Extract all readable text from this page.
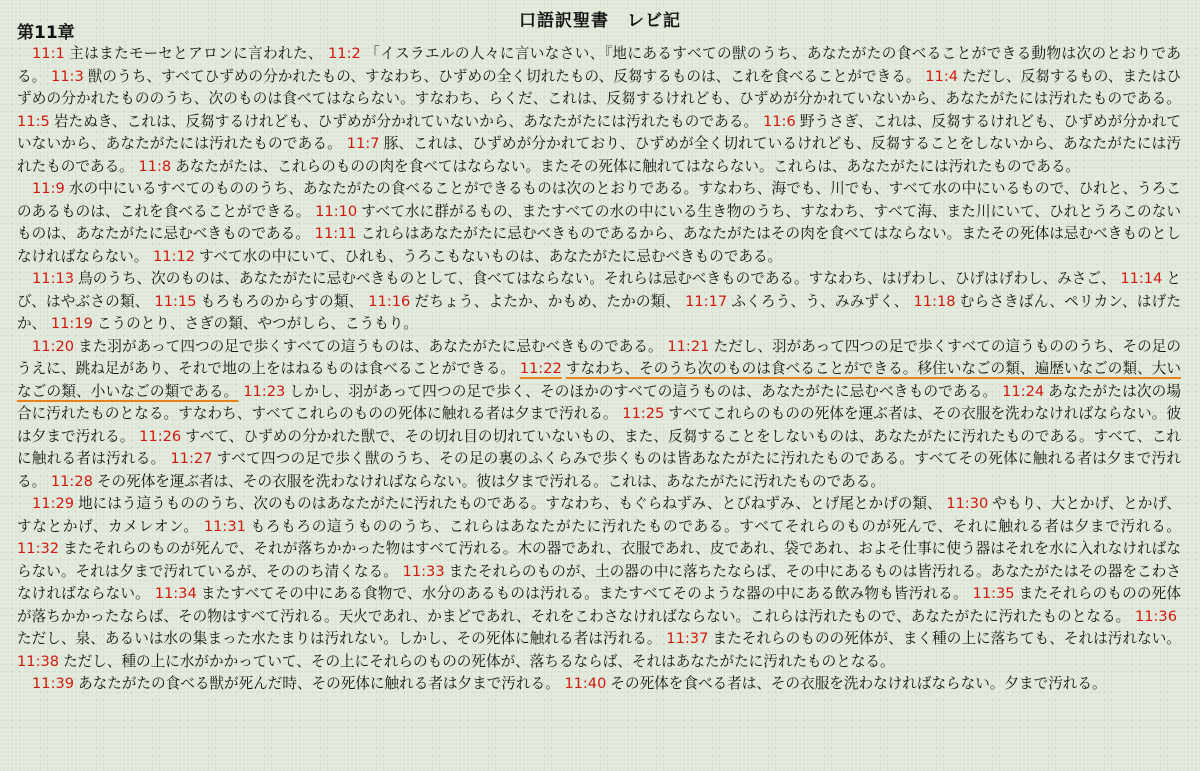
口語訳聖書　レビ記
第11章

11:1 主はまたモーセとアロンに言われた、 11:2 「イスラエルの人々に言いなさい、『地にあるすべての獣のうち、あなたがたの食べることができる動物は次のとおりである。 11:3 獣のうち、すべてひずめの分かれたもの、すなわち、ひずめの全く切れたもの、反芻するものは、これを食べることができる。 11:4 ただし、反芻するもの、またはひずめの分かれたもののうち、次のものは食べてはならない。すなわち、らくだ、これは、反芻するけれども、ひずめが分かれていないから、あなたがたには汚れたものである。 11:5 岩たぬき、これは、反芻するけれども、ひずめが分かれていないから、あなたがたには汚れたものである。 11:6 野うさぎ、これは、反芻するけれども、ひずめが分かれていないから、あなたがたには汚れたものである。 11:7 豚、これは、ひずめが分かれており、ひずめが全く切れているけれども、反芻することをしないから、あなたがたには汚れたものである。 11:8 あなたがたは、これらのものの肉を食べてはならない。またその死体に触れてはならない。これらは、あなたがたには汚れたものである。

11:9 水の中にいるすべてのもののうち、あなたがたの食べることができるものは次のとおりである。すなわち、海でも、川でも、すべて水の中にいるもので、ひれと、うろこのあるものは、これを食べることができる。 11:10 すべて水に群がるもの、またすべての水の中にいる生き物のうち、すなわち、すべて海、また川にいて、ひれとうろこのないものは、あなたがたに忌むべきものである。 11:11 これらはあなたがたに忌むべきものであるから、あなたがたはその肉を食べてはならない。またその死体は忌むべきものとしなければならない。 11:12 すべて水の中にいて、ひれも、うろこもないものは、あなたがたに忌むべきものである。

11:13 鳥のうち、次のものは、あなたがたに忌むべきものとして、食べてはならない。それらは忌むべきものである。すなわち、はげわし、ひげはげわし、みさご、 11:14 とび、はやぶさの類、 11:15 もろもろのからすの類、 11:16 だちょう、よたか、かもめ、たかの類、 11:17 ふくろう、う、みみずく、 11:18 むらさきばん、ペリカン、はげたか、 11:19 こうのとり、さぎの類、やつがしら、こうもり。

11:20 また羽があって四つの足で歩くすべての這うものは、あなたがたに忌むべきものである。 11:21 ただし、羽があって四つの足で歩くすべての這うもののうち、その足のうえに、跳ね足があり、それで地の上をはねるものは食べることができる。 11:22 すなわち、そのうち次のものは食べることができる。移住いなごの類、遍歴いなごの類、大いなごの類、小いなごの類である。 11:23 しかし、羽があって四つの足で歩く、そのほかのすべての這うものは、あなたがたに忌むべきものである。 11:24 あなたがたは次の場合に汚れたものとなる。すなわち、すべてこれらのものの死体に触れる者は夕まで汚れる。 11:25 すべてこれらのものの死体を運ぶ者は、その衣服を洗わなければならない。彼は夕まで汚れる。 11:26 すべて、ひずめの分かれた獣で、その切れ目の切れていないもの、また、反芻することをしないものは、あなたがたに汚れたものである。すべて、これに触れる者は汚れる。 11:27 すべて四つの足で歩く獣のうち、その足の裏のふくらみで歩くものは皆あなたがたに汚れたものである。すべてその死体に触れる者は夕まで汚れる。 11:28 その死体を運ぶ者は、その衣服を洗わなければならない。彼は夕まで汚れる。これは、あなたがたに汚れたものである。

11:29 地にはう這うもののうち、次のものはあなたがたに汚れたものである。すなわち、もぐらねずみ、とびねずみ、とげ尾とかげの類、 11:30 やもり、大とかげ、とかげ、すなとかげ、カメレオン。 11:31 もろもろの這うもののうち、これらはあなたがたに汚れたものである。すべてそれらのものが死んで、それに触れる者は夕まで汚れる。 11:32 またそれらのものが死んで、それが落ちかかった物はすべて汚れる。木の器であれ、衣服であれ、皮であれ、袋であれ、およそ仕事に使う器はそれを水に入れなければならない。それは夕まで汚れているが、そののち清くなる。 11:33 またそれらのものが、土の器の中に落ちたならば、その中にあるものは皆汚れる。あなたがたはその器をこわさなければならない。 11:34 またすべてその中にある食物で、水分のあるものは汚れる。またすべてそのような器の中にある飲み物も皆汚れる。 11:35 またそれらのものの死体が落ちかかったならば、その物はすべて汚れる。天火であれ、かまどであれ、それをこわさなければならない。これらは汚れたもので、あなたがたに汚れたものとなる。 11:36ただし、泉、あるいは水の集まった水たまりは汚れない。しかし、その死体に触れる者は汚れる。 11:37 またそれらのものの死体が、まく種の上に落ちても、それは汚れない。 11:38 ただし、種の上に水がかかっていて、その上にそれらのものの死体が、落ちるならば、それはあなたがたに汚れたものとなる。

11:39 あなたがたの食べる獣が死んだ時、その死体に触れる者は夕まで汚れる。 11:40 その死体を食べる者は、その衣服を洗わなければならない。夕まで汚れる。
